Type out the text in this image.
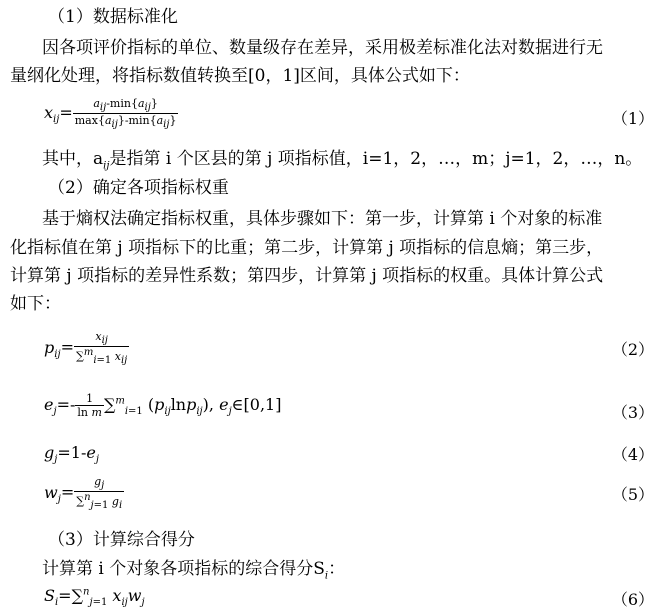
（1）数据标准化
因各项评价指标的单位、数量级存在差异，采用极差标准化法对数据进行无
量纲化处理，将指标数值转换至[0，1]区间，具体公式如下：
$x_{ij}= \frac{a_{ij}-\min\{a_{ij}\}}{\max\{a_{ij}\}-\min\{a_{ij}\}}$	（1）
其中，$a_{ij}$是指第 i 个区县的第 j 项指标值，i=1，2，…，m；j=1，2，…，n。
（2）确定各项指标权重
基于熵权法确定指标权重，具体步骤如下：第一步，计算第 i 个对象的标准
化指标值在第 j 项指标下的比重；第二步，计算第 j 项指标的信息熵；第三步，
计算第 j 项指标的差异性系数；第四步，计算第 j 项指标的权重。具体计算公式
如下：
$p_{ij}= \frac{x_{ij}}{\sum^m_{i=1} x_{ij}}$	（2）
$e_j=- \frac{1}{\text{ln m}} \sum^m_{i=1}$ $(p_{ij}\ln p_{ij})$, $e_j\in[0,1]$	（3）
$g_j=1-e_j$	（4）
$w_j= \frac{g_j}{\sum^n_{j=1} g_i}$	（5）
（3）计算综合得分
计算第 i 个对象各项指标的综合得分$S_i$：
$S_i=\sum^n_{j=1}$ $x_{ij}w_j$	（6）
